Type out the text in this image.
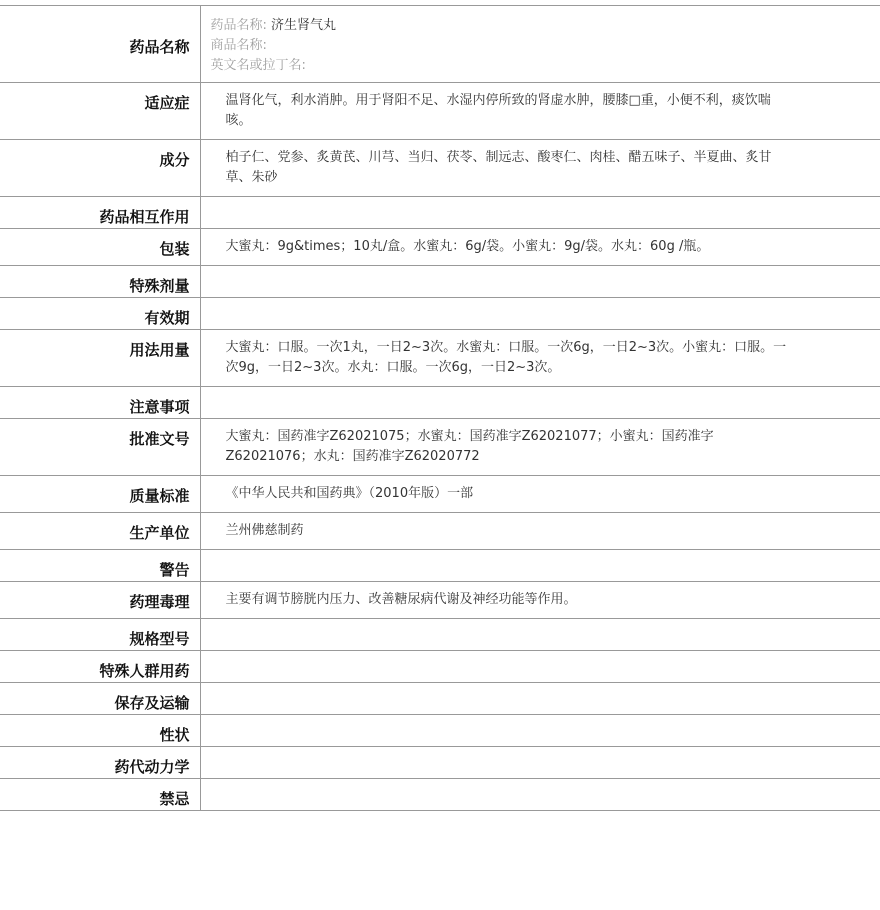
药品名称	药品名称: 济生肾气丸
商品名称:
英文名或拉丁名:

适应症	温肾化气，利水消肿。用于肾阳不足、水湿内停所致的肾虚水肿，腰膝□重，小便不利，痰饮喘咳。
成分	柏子仁、党参、炙黄芪、川芎、当归、茯苓、制远志、酸枣仁、肉桂、醋五味子、半夏曲、炙甘草、朱砂
药品相互作用	
包装	大蜜丸：9g&times；10丸/盒。水蜜丸：6g/袋。小蜜丸：9g/袋。水丸：60g /瓶。
特殊剂量	
有效期	
用法用量	大蜜丸：口服。一次1丸，一日2~3次。水蜜丸：口服。一次6g，一日2~3次。小蜜丸：口服。一次9g，一日2~3次。水丸：口服。一次6g，一日2~3次。
注意事项	
批准文号	大蜜丸：国药准字Z62021075；水蜜丸：国药准字Z62021077；小蜜丸：国药准字Z62021076；水丸：国药准字Z62020772
质量标准	《中华人民共和国药典》（2010年版）一部
生产单位	兰州佛慈制药
警告	
药理毒理	主要有调节膀胱内压力、改善糖尿病代谢及神经功能等作用。
规格型号	
特殊人群用药	
保存及运输	
性状	
药代动力学	
禁忌	
